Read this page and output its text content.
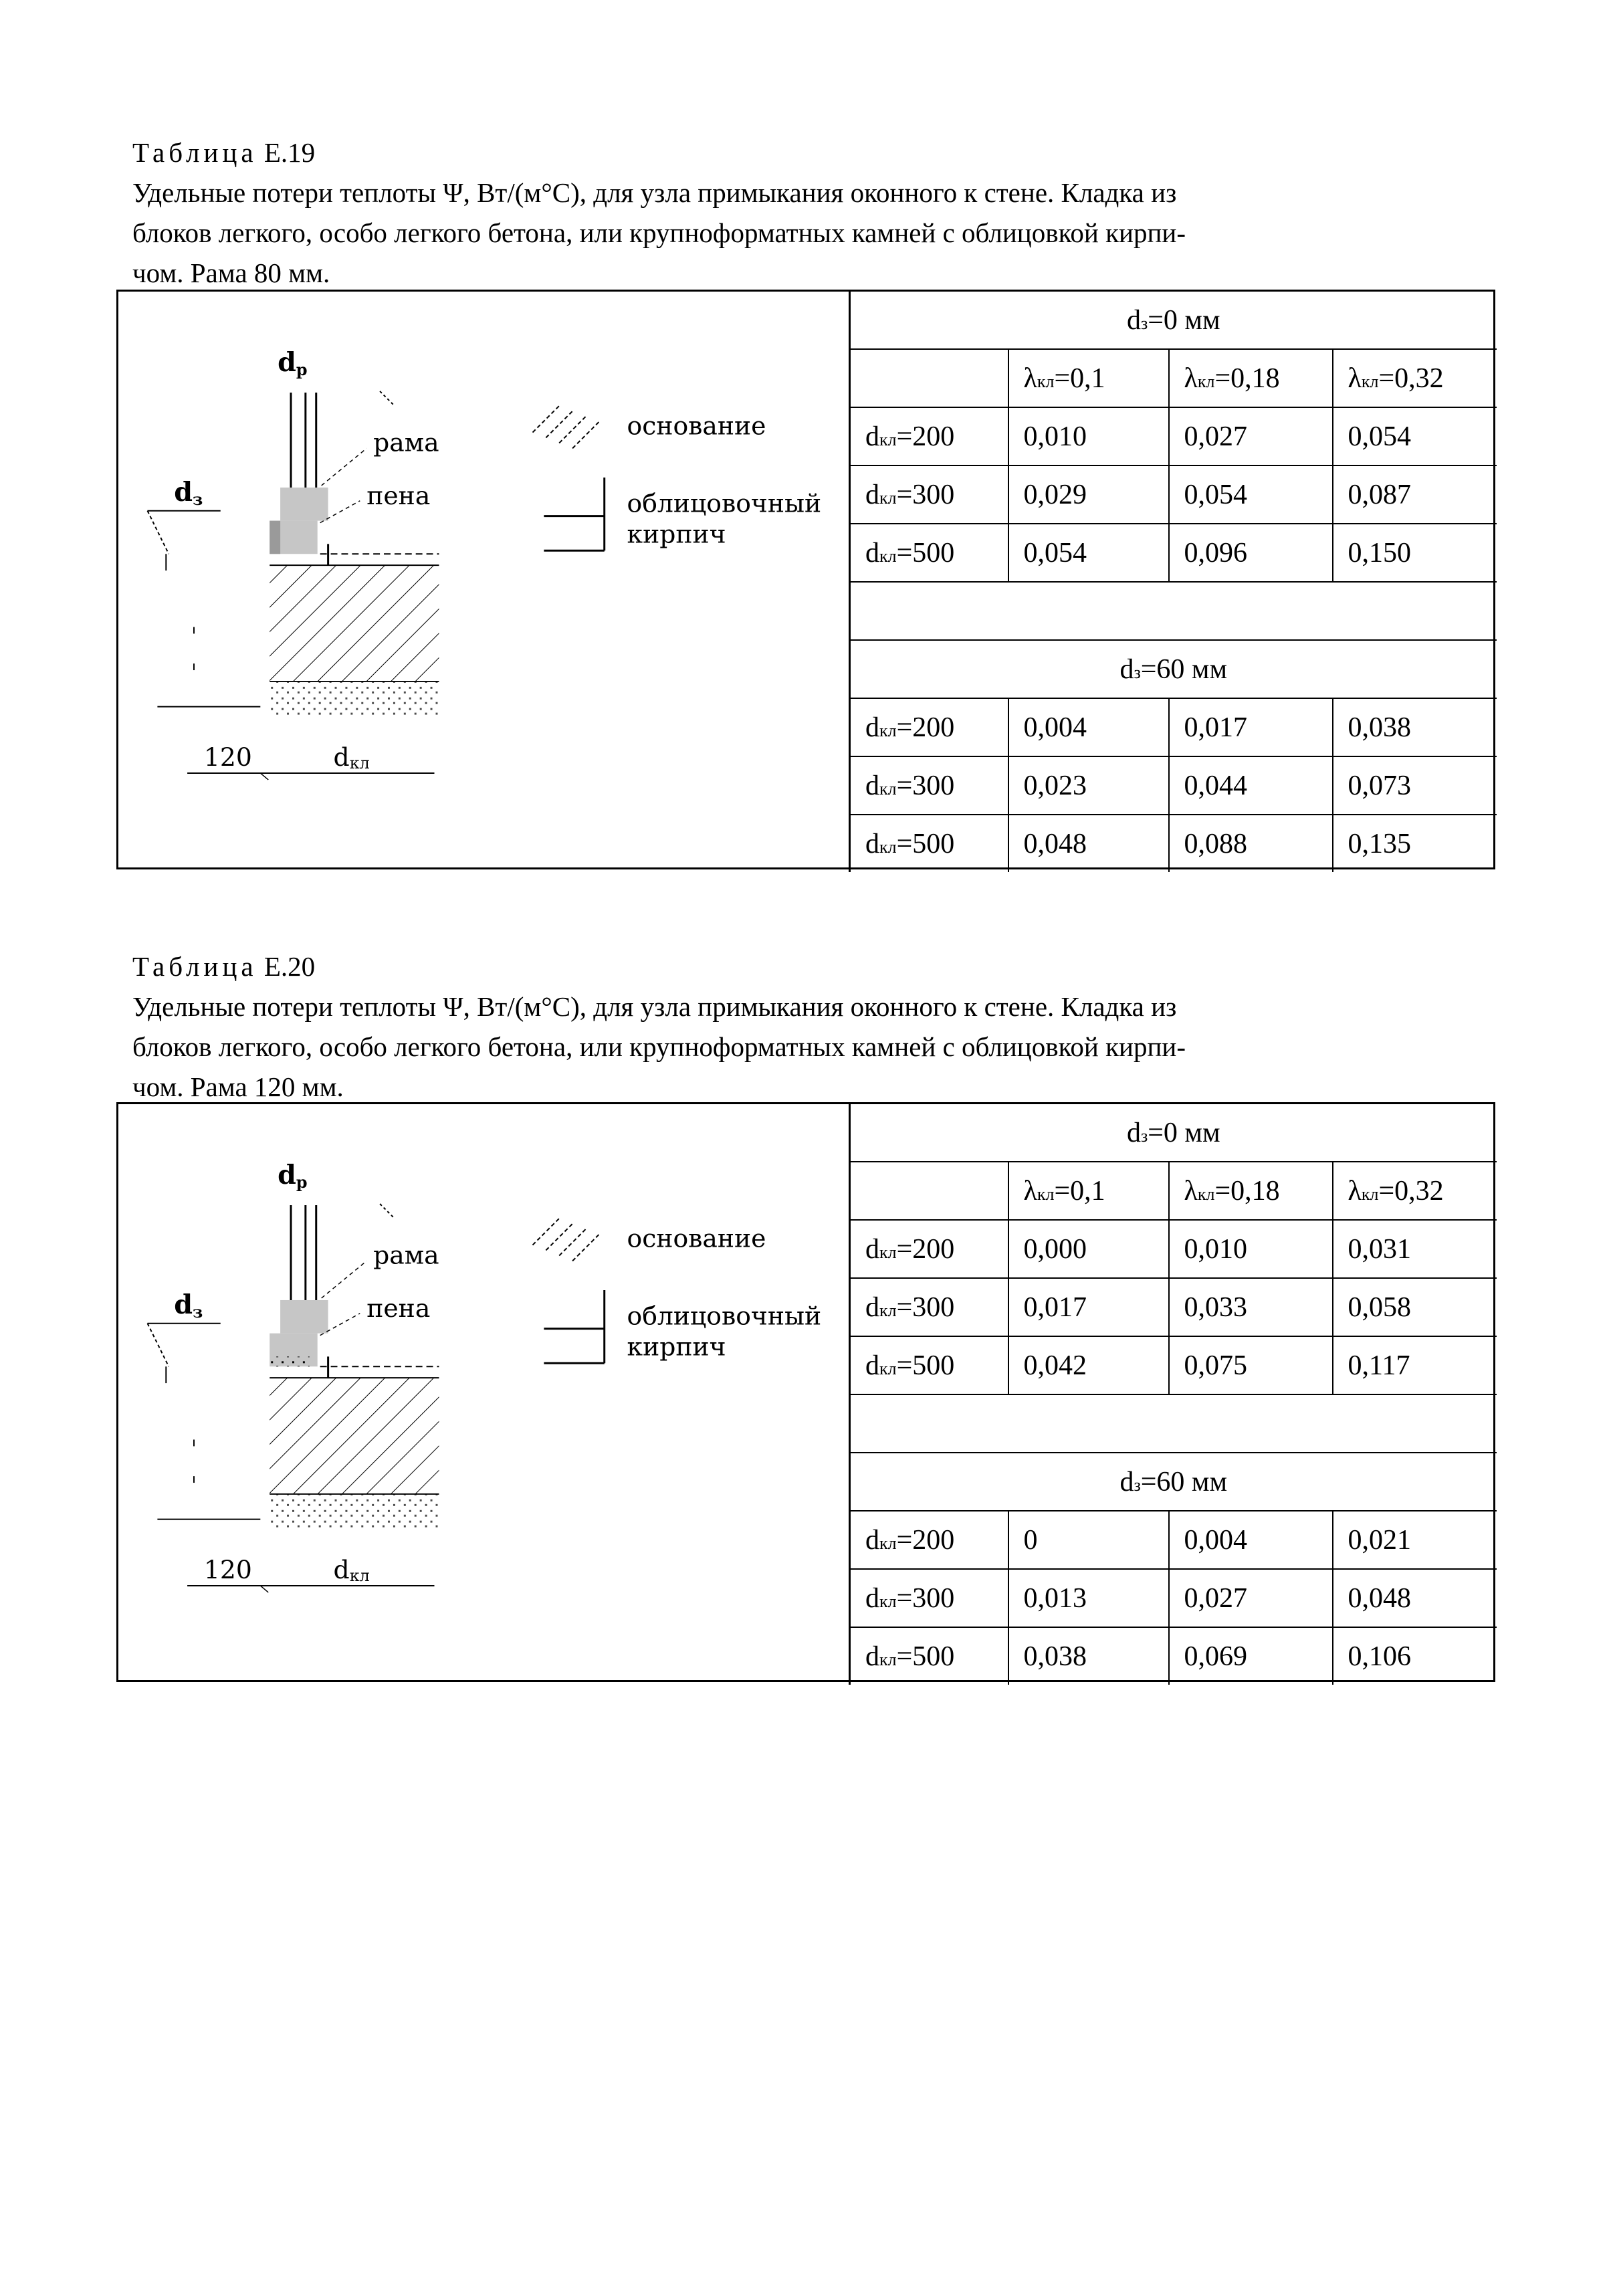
Таблица Е.19
Удельные потери теплоты Ψ, Вт/(м°С), для узла примыкания оконного к стене. Кладка из
блоков легкого, особо легкого бетона, или крупноформатных камней с облицовкой кирпи-
чом. Рама 80 мм.
dр
рама
пена
dз
120	dкл
основание
облицовочный
кирпич
dз=0 мм			
	λкл=0,1	λкл=0,18	λкл=0,32
dкл=200	0,010	0,027	0,054
dкл=300	0,029	0,054	0,087
dкл=500	0,054	0,096	0,150

dз=60 мм			
dкл=200	0,004	0,017	0,038
dкл=300	0,023	0,044	0,073
dкл=500	0,048	0,088	0,135
Таблица Е.20
Удельные потери теплоты Ψ, Вт/(м°С), для узла примыкания оконного к стене. Кладка из
блоков легкого, особо легкого бетона, или крупноформатных камней с облицовкой кирпи-
чом. Рама 120 мм.
dр
рама
пена
dз
120	dкл
основание
облицовочный
кирпич
dз=0 мм			
	λкл=0,1	λкл=0,18	λкл=0,32
dкл=200	0,000	0,010	0,031
dкл=300	0,017	0,033	0,058
dкл=500	0,042	0,075	0,117

dз=60 мм			
dкл=200	0	0,004	0,021
dкл=300	0,013	0,027	0,048
dкл=500	0,038	0,069	0,106
